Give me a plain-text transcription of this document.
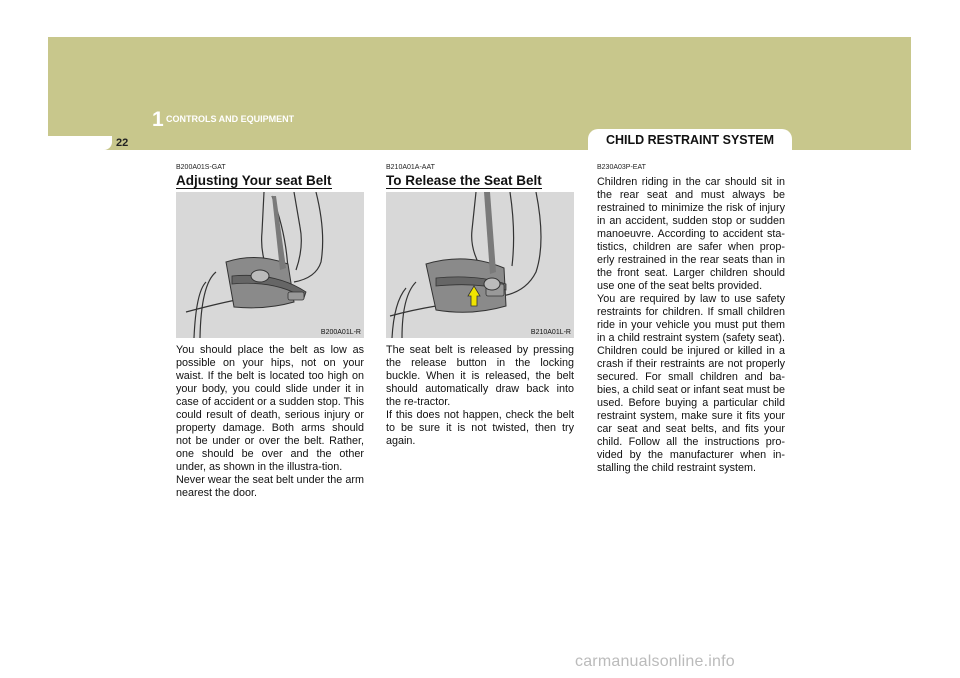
22
1 CONTROLS AND EQUIPMENT
CHILD RESTRAINT SYSTEM
B200A01S-GAT
Adjusting Your seat Belt
B200A01L-R

You should place the belt as low as possible on your hips, not on your waist. If the belt is located too high on your body, you could slide under it in case of accident or a sudden stop. This could result of death, serious injury or property damage. Both arms should not be under or over the belt. Rather, one should be over and the other under, as shown in the illustra-tion.

Never wear the seat belt under the arm nearest the door.

B210A01A-AAT
To Release the Seat Belt
B210A01L-R

The seat belt is released by pressing the release button in the locking buckle. When it is released, the belt should automatically draw back into the re-tractor.

If this does not happen, check the belt to be sure it is not twisted, then try again.

B230A03P-EAT

Children riding in the car should sit in the rear seat and must always be restrained to minimize the risk of injury in an accident, sudden stop or sudden manoeuvre. According to accident sta-tistics, children are safer when prop-erly restrained in the rear seats than in the front seat. Larger children should use one of the seat belts provided.

You are required by law to use safety restraints for children. If small children ride in your vehicle you must put them in a child restraint system (safety seat). Children could be injured or killed in a crash if their restraints are not properly secured. For small children and ba-bies, a child seat or infant seat must be used. Before buying a particular child restraint system, make sure it fits your car seat and seat belts, and fits your child. Follow all the instructions pro-vided by the manufacturer when in-stalling the child restraint system.

carmanualsonline.info
